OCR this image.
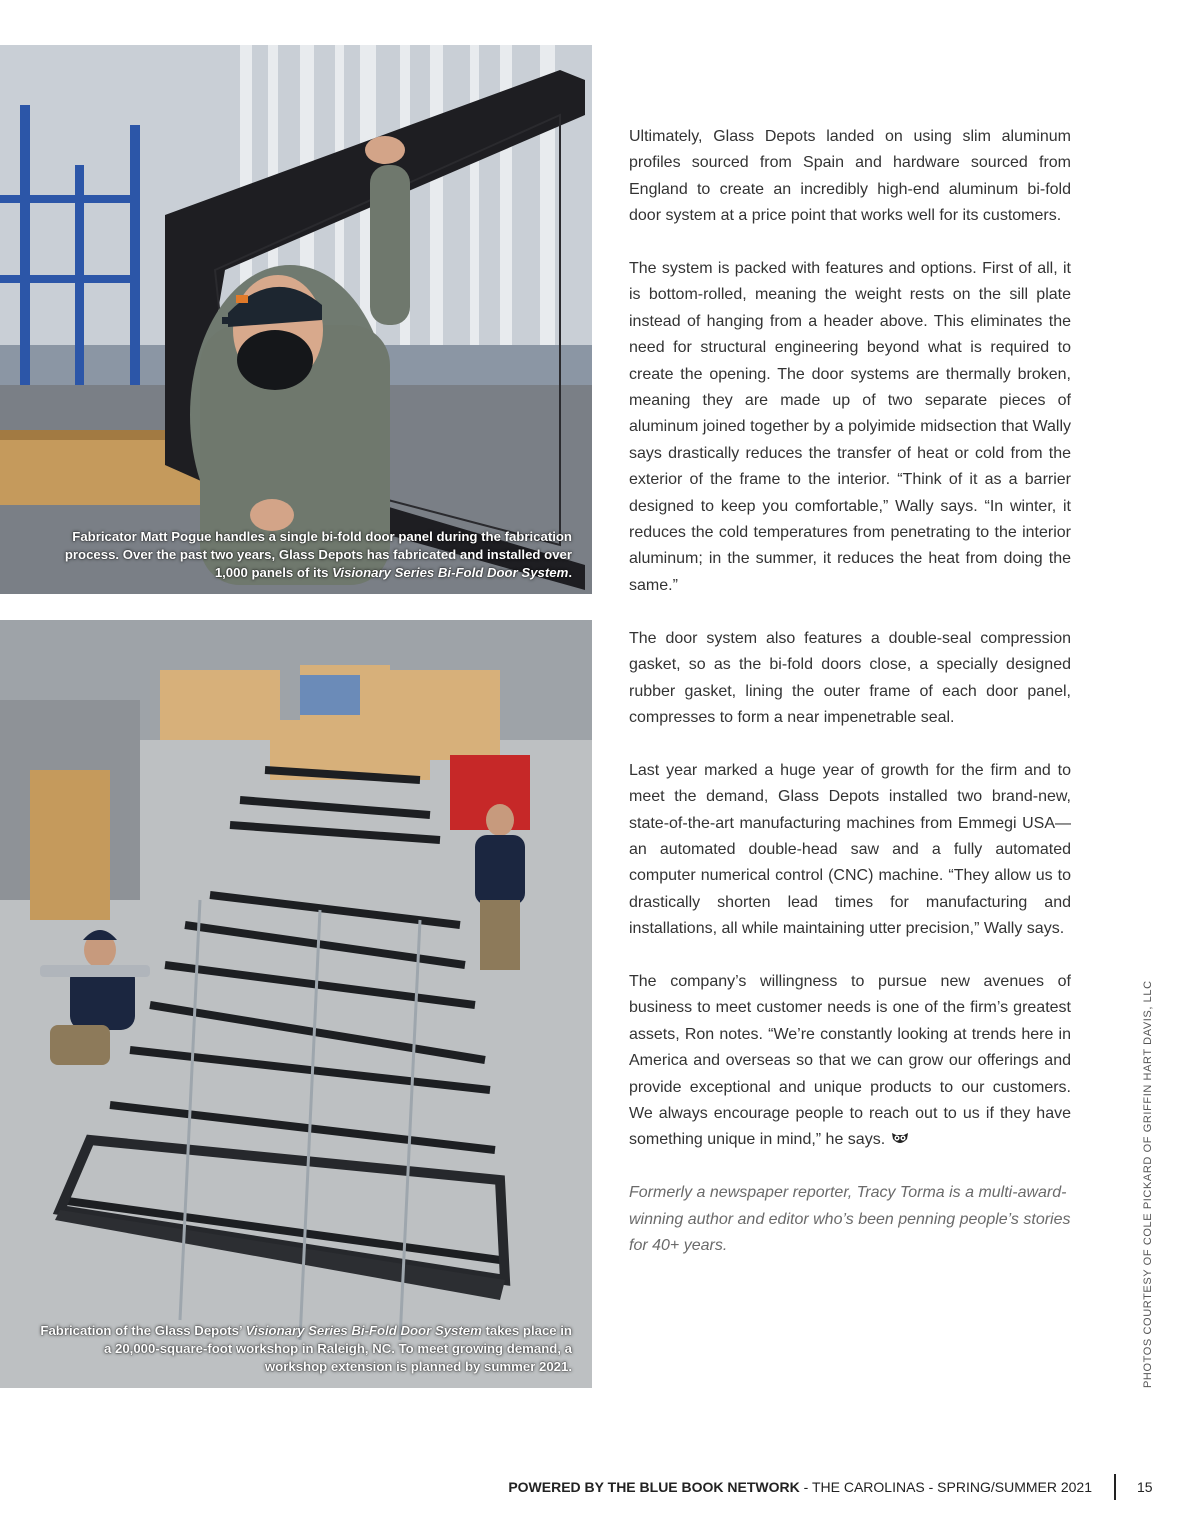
Fabricator Matt Pogue handles a single bi-fold door panel during the fabrication process. Over the past two years, Glass Depots has fabricated and installed over 1,000 panels of its Visionary Series Bi-Fold Door System.
Fabrication of the Glass Depots’ Visionary Series Bi-Fold Door System takes place in a 20,000-square-foot workshop in Raleigh, NC. To meet growing demand, a workshop extension is planned by summer 2021.

Ultimately, Glass Depots landed on using slim aluminum profiles sourced from Spain and hardware sourced from England to create an incredibly high-end aluminum bi-fold door system at a price point that works well for its customers.

The system is packed with features and options. First of all, it is bottom-rolled, meaning the weight rests on the sill plate instead of hanging from a header above. This eliminates the need for structural engineering beyond what is required to create the opening. The door systems are thermally broken, meaning they are made up of two separate pieces of aluminum joined together by a polyimide midsection that Wally says drastically reduces the transfer of heat or cold from the exterior of the frame to the interior. “Think of it as a barrier designed to keep you comfortable,” Wally says. “In winter, it reduces the cold temperatures from penetrating to the interior aluminum; in the summer, it reduces the heat from doing the same.”

The door system also features a double-seal compression gasket, so as the bi-fold doors close, a specially designed rubber gasket, lining the outer frame of each door panel, compresses to form a near impenetrable seal.

Last year marked a huge year of growth for the firm and to meet the demand, Glass Depots installed two brand-new, state-of-the-art manufacturing machines from Emmegi USA—an automated double-head saw and a fully automated computer numerical control (CNC) machine. “They allow us to drastically shorten lead times for manufacturing and installations, all while maintaining utter precision,” Wally says.

The company’s willingness to pursue new avenues of business to meet customer needs is one of the firm’s greatest assets, Ron notes. “We’re constantly looking at trends here in America and overseas so that we can grow our offerings and provide exceptional and unique products to our customers. We always encourage people to reach out to us if they have something unique in mind,” he says.

Formerly a newspaper reporter, Tracy Torma is a multi-award-winning author and editor who’s been penning people’s stories for 40+ years.	PHOTOS COURTESY OF COLE PICKARD OF GRIFFIN HART DAVIS, LLC
POWERED BY THE BLUE BOOK NETWORK - THE CAROLINAS - SPRING/SUMMER 2021	15
